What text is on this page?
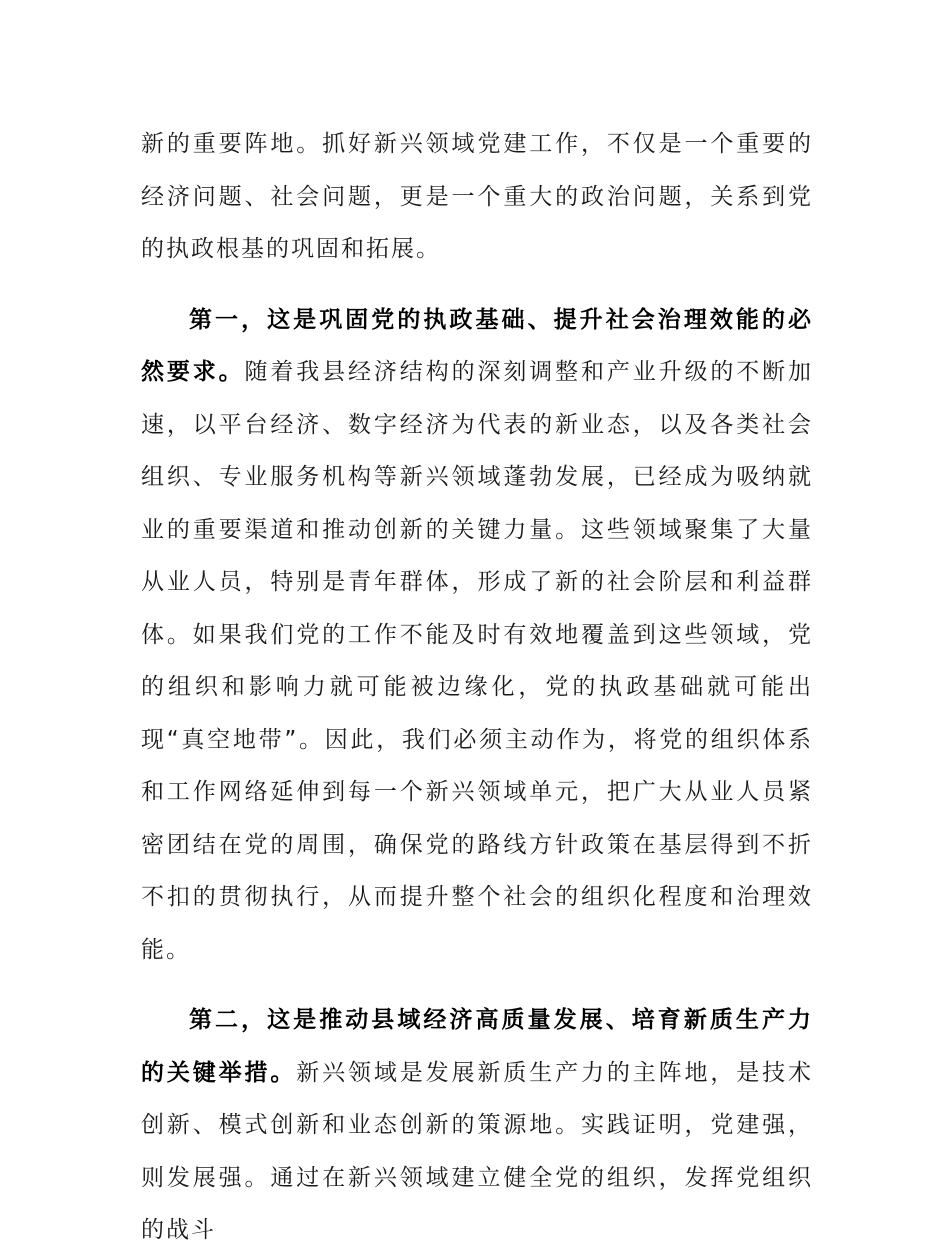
新的重要阵地。抓好新兴领域党建工作，不仅是一个重要的经济问题、社会问题，更是一个重大的政治问题，关系到党的执政根基的巩固和拓展。

第一，这是巩固党的执政基础、提升社会治理效能的必然要求。随着我县经济结构的深刻调整和产业升级的不断加速，以平台经济、数字经济为代表的新业态，以及各类社会组织、专业服务机构等新兴领域蓬勃发展，已经成为吸纳就业的重要渠道和推动创新的关键力量。这些领域聚集了大量从业人员，特别是青年群体，形成了新的社会阶层和利益群体。如果我们党的工作不能及时有效地覆盖到这些领域，党的组织和影响力就可能被边缘化，党的执政基础就可能出现“真空地带”。因此，我们必须主动作为，将党的组织体系和工作网络延伸到每一个新兴领域单元，把广大从业人员紧密团结在党的周围，确保党的路线方针政策在基层得到不折不扣的贯彻执行，从而提升整个社会的组织化程度和治理效能。

第二，这是推动县域经济高质量发展、培育新质生产力的关键举措。新兴领域是发展新质生产力的主阵地，是技术创新、模式创新和业态创新的策源地。实践证明，党建强，则发展强。通过在新兴领域建立健全党的组织，发挥党组织的战斗
